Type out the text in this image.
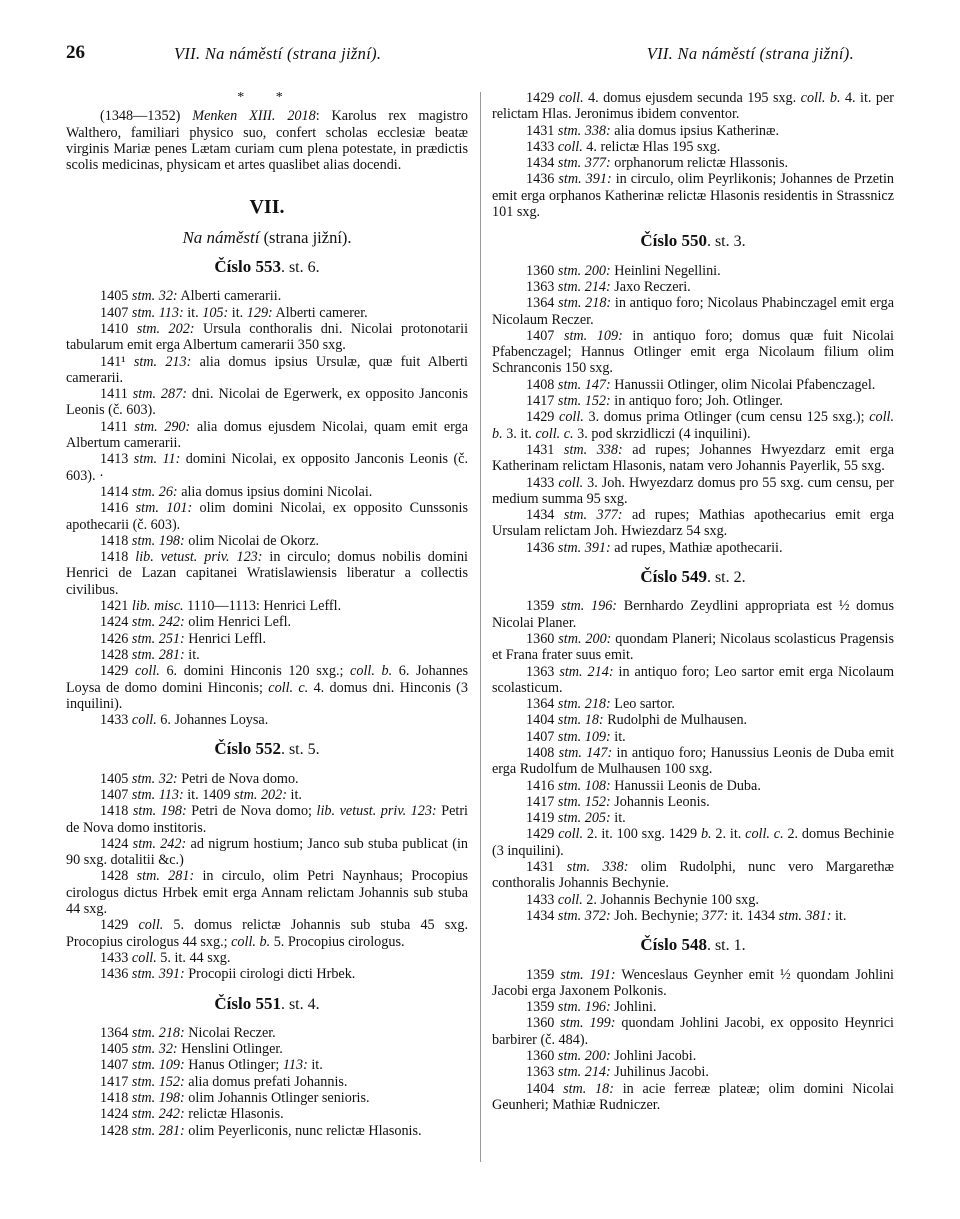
26	VII. Na náměstí (strana jižní).	VII. Na náměstí (strana jižní).

* *

(1348—1352) Menken XIII. 2018: Karolus rex magistro Walthero, familiari physico suo, confert scholas ecclesiæ beatæ virginis Mariæ penes Lætam curiam cum plena potestate, in prædictis scolis medicinas, physicam et artes quaslibet alias docendi.

VII.
Na náměstí (strana jižní).
Číslo 553. st. 6.

1405 stm. 32: Alberti camerarii.

1407 stm. 113: it. 105: it. 129: Alberti camerer.

1410 stm. 202: Ursula conthoralis dni. Nicolai protonotarii tabularum emit erga Albertum camerarii 350 sxg.

141¹ stm. 213: alia domus ipsius Ursulæ, quæ fuit Alberti camerarii.

1411 stm. 287: dni. Nicolai de Egerwerk, ex opposito Janconis Leonis (č. 603).

1411 stm. 290: alia domus ejusdem Nicolai, quam emit erga Albertum camerarii.

1413 stm. 11: domini Nicolai, ex opposito Janconis Leonis (č. 603). ·

1414 stm. 26: alia domus ipsius domini Nicolai.

1416 stm. 101: olim domini Nicolai, ex opposito Cunssonis apothecarii (č. 603).

1418 stm. 198: olim Nicolai de Okorz.

1418 lib. vetust. priv. 123: in circulo; domus nobilis domini Henrici de Lazan capitanei Wratislawiensis liberatur a collectis civilibus.

1421 lib. misc. 1110—1113: Henrici Leffl.

1424 stm. 242: olim Henrici Lefl.

1426 stm. 251: Henrici Leffl.

1428 stm. 281: it.

1429 coll. 6. domini Hinconis 120 sxg.; coll. b. 6. Johannes Loysa de domo domini Hinconis; coll. c. 4. domus dni. Hinconis (3 inquilini).

1433 coll. 6. Johannes Loysa.

Číslo 552. st. 5.

1405 stm. 32: Petri de Nova domo.

1407 stm. 113: it. 1409 stm. 202: it.

1418 stm. 198: Petri de Nova domo; lib. vetust. priv. 123: Petri de Nova domo institoris.

1424 stm. 242: ad nigrum hostium; Janco sub stuba publicat (in 90 sxg. dotalitii &c.)

1428 stm. 281: in circulo, olim Petri Naynhaus; Procopius cirologus dictus Hrbek emit erga Annam relictam Johannis sub stuba 44 sxg.

1429 coll. 5. domus relictæ Johannis sub stuba 45 sxg. Procopius cirologus 44 sxg.; coll. b. 5. Procopius cirologus.

1433 coll. 5. it. 44 sxg.

1436 stm. 391: Procopii cirologi dicti Hrbek.

Číslo 551. st. 4.

1364 stm. 218: Nicolai Reczer.

1405 stm. 32: Henslini Otlinger.

1407 stm. 109: Hanus Otlinger; 113: it.

1417 stm. 152: alia domus prefati Johannis.

1418 stm. 198: olim Johannis Otlinger senioris.

1424 stm. 242: relictæ Hlasonis.

1428 stm. 281: olim Peyerliconis, nunc relictæ Hlasonis.

1429 coll. 4. domus ejusdem secunda 195 sxg. coll. b. 4. it. per relictam Hlas. Jeronimus ibidem conventor.

1431 stm. 338: alia domus ipsius Katherinæ.

1433 coll. 4. relictæ Hlas 195 sxg.

1434 stm. 377: orphanorum relictæ Hlassonis.

1436 stm. 391: in circulo, olim Peyrlikonis; Johannes de Przetin emit erga orphanos Katherinæ relictæ Hlasonis residentis in Strassnicz 101 sxg.

Číslo 550. st. 3.

1360 stm. 200: Heinlini Negellini.

1363 stm. 214: Jaxo Reczeri.

1364 stm. 218: in antiquo foro; Nicolaus Phabinczagel emit erga Nicolaum Reczer.

1407 stm. 109: in antiquo foro; domus quæ fuit Nicolai Pfabenczagel; Hannus Otlinger emit erga Nicolaum filium olim Schranconis 150 sxg.

1408 stm. 147: Hanussii Otlinger, olim Nicolai Pfabenczagel.

1417 stm. 152: in antiquo foro; Joh. Otlinger.

1429 coll. 3. domus prima Otlinger (cum censu 125 sxg.); coll. b. 3. it. coll. c. 3. pod skrzidliczi (4 inquilini).

1431 stm. 338: ad rupes; Johannes Hwyezdarz emit erga Katherinam relictam Hlasonis, natam vero Johannis Payerlik, 55 sxg.

1433 coll. 3. Joh. Hwyezdarz domus pro 55 sxg. cum censu, per medium summa 95 sxg.

1434 stm. 377: ad rupes; Mathias apothecarius emit erga Ursulam relictam Joh. Hwiezdarz 54 sxg.

1436 stm. 391: ad rupes, Mathiæ apothecarii.

Číslo 549. st. 2.

1359 stm. 196: Bernhardo Zeydlini appropriata est ½ domus Nicolai Planer.

1360 stm. 200: quondam Planeri; Nicolaus scolasticus Pragensis et Frana frater suus emit.

1363 stm. 214: in antiquo foro; Leo sartor emit erga Nicolaum scolasticum.

1364 stm. 218: Leo sartor.

1404 stm. 18: Rudolphi de Mulhausen.

1407 stm. 109: it.

1408 stm. 147: in antiquo foro; Hanussius Leonis de Duba emit erga Rudolfum de Mulhausen 100 sxg.

1416 stm. 108: Hanussii Leonis de Duba.

1417 stm. 152: Johannis Leonis.

1419 stm. 205: it.

1429 coll. 2. it. 100 sxg. 1429 b. 2. it. coll. c. 2. domus Bechinie (3 inquilini).

1431 stm. 338: olim Rudolphi, nunc vero Margarethæ conthoralis Johannis Bechynie.

1433 coll. 2. Johannis Bechynie 100 sxg.

1434 stm. 372: Joh. Bechynie; 377: it. 1434 stm. 381: it.

Číslo 548. st. 1.

1359 stm. 191: Wenceslaus Geynher emit ½ quondam Johlini Jacobi erga Jaxonem Polkonis.

1359 stm. 196: Johlini.

1360 stm. 199: quondam Johlini Jacobi, ex opposito Heynrici barbirer (č. 484).

1360 stm. 200: Johlini Jacobi.

1363 stm. 214: Juhilinus Jacobi.

1404 stm. 18: in acie ferreæ plateæ; olim domini Nicolai Geunheri; Mathiæ Rudniczer.
